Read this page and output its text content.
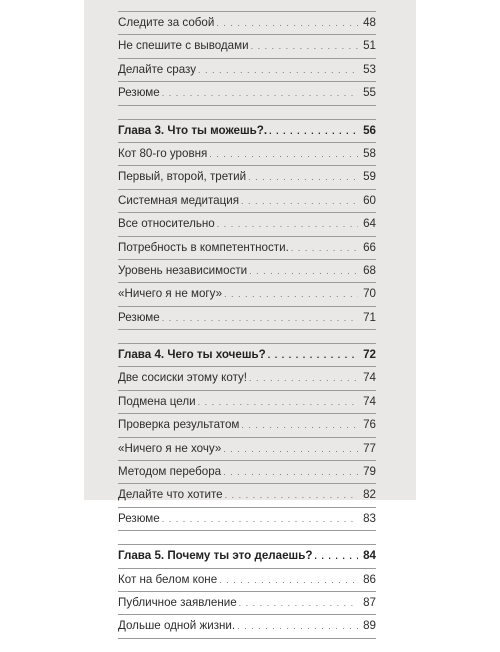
Следите за собой . . .	48
Не спешите с выводами . . .	51
Делайте сразу . . .	53
Резюме . . .	55
Глава 3. Что ты можешь?. . . .	56
Кот 80-го уровня . . .	58
Первый, второй, третий . . .	59
Системная медитация . . .	60
Все относительно . . .	64
Потребность в компетентности. . . .	66
Уровень независимости . . .	68
«Ничего я не могу» . . .	70
Резюме . . .	71
Глава 4. Чего ты хочешь? . . .	72
Две сосиски этому коту! . . .	74
Подмена цели . . .	74
Проверка результатом . . .	76
«Ничего я не хочу» . . .	77
Методом перебора . . .	79
Делайте что хотите . . .	82
Резюме . . .	83
Глава 5. Почему ты это делаешь? . . .	84
Кот на белом коне . . .	86
Публичное заявление . . .	87
Дольше одной жизни. . . .	89
